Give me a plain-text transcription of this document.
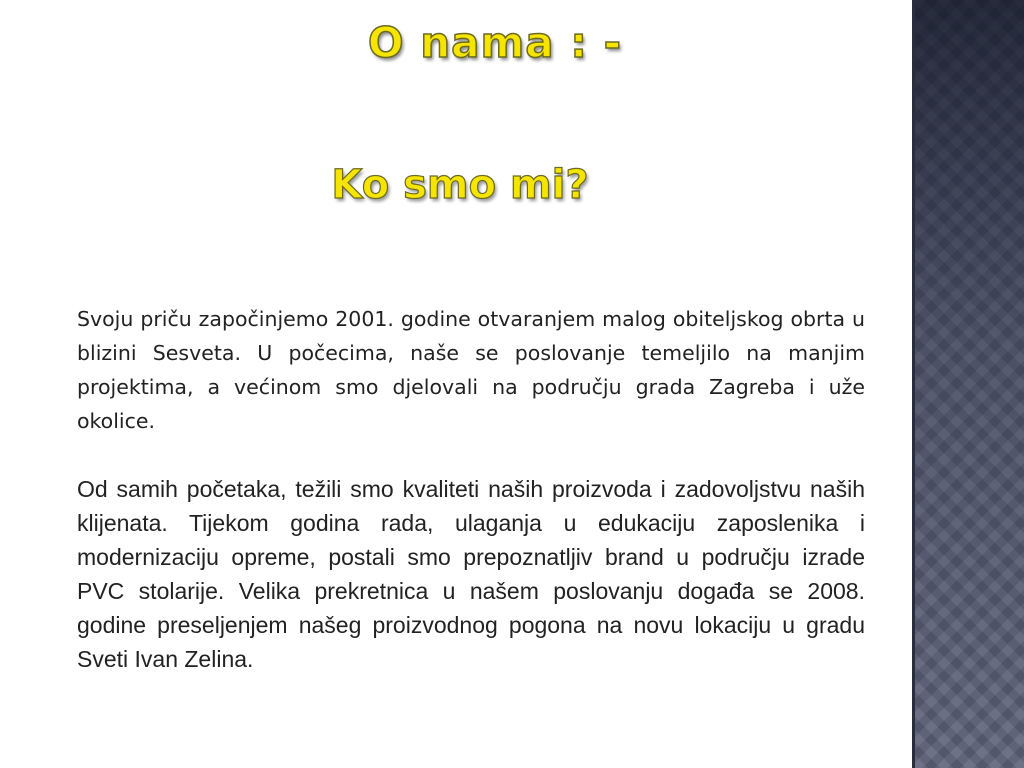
O nama : -
Ko smo mi?

Svoju priču započinjemo 2001. godine otvaranjem malog obiteljskog obrta u blizini Sesveta. U počecima, naše se poslovanje temeljilo na manjim projektima, a većinom smo djelovali na području grada Zagreba i uže okolice.

Od samih početaka, težili smo kvaliteti naših proizvoda i zadovoljstvu naših klijenata. Tijekom godina rada, ulaganja u edukaciju zaposlenika i modernizaciju opreme, postali smo prepoznatljiv brand u području izrade PVC stolarije. Velika prekretnica u našem poslovanju događa se 2008. godine preseljenjem našeg proizvodnog pogona na novu lokaciju u gradu Sveti Ivan Zelina.
